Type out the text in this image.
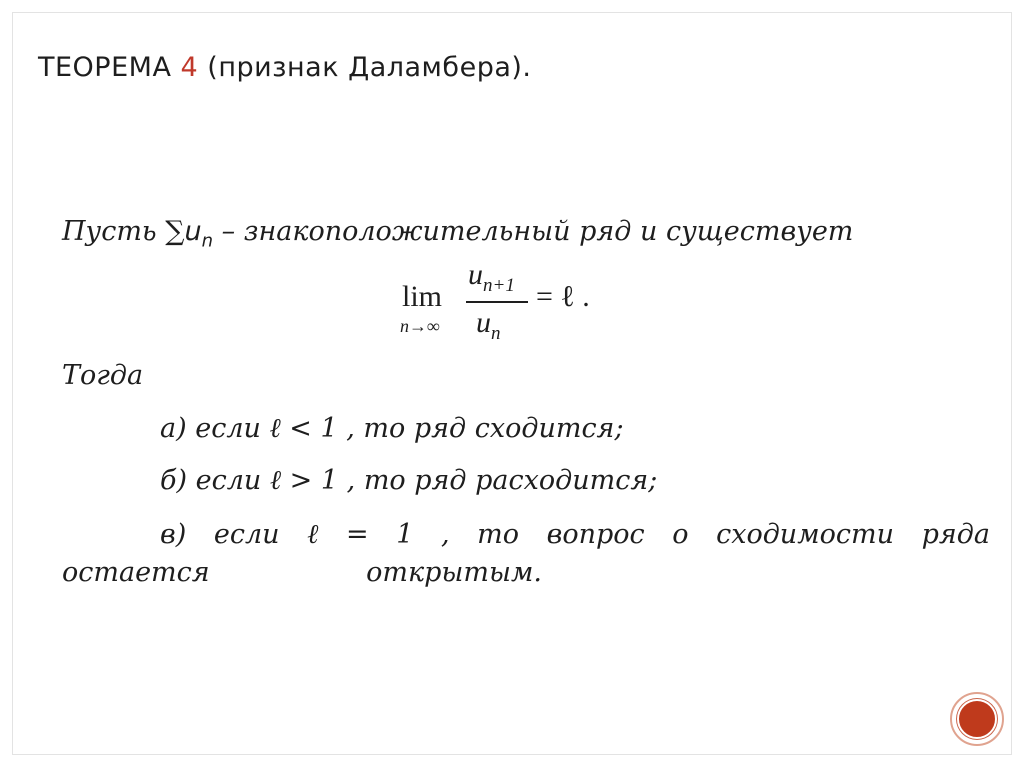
ТЕОРЕМА 4 (признак Даламбера).
Пусть $\sum u_n$ – знакоположительный ряд и существует
lim
n→∞
$u_{n+1}$
$u_n$
= ℓ .
Тогда
а) если ℓ < 1 , то ряд сходится;
б) если ℓ > 1 , то ряд расходится;
в) если ℓ = 1 , то вопрос о сходимости ряда
остается	открытым.
